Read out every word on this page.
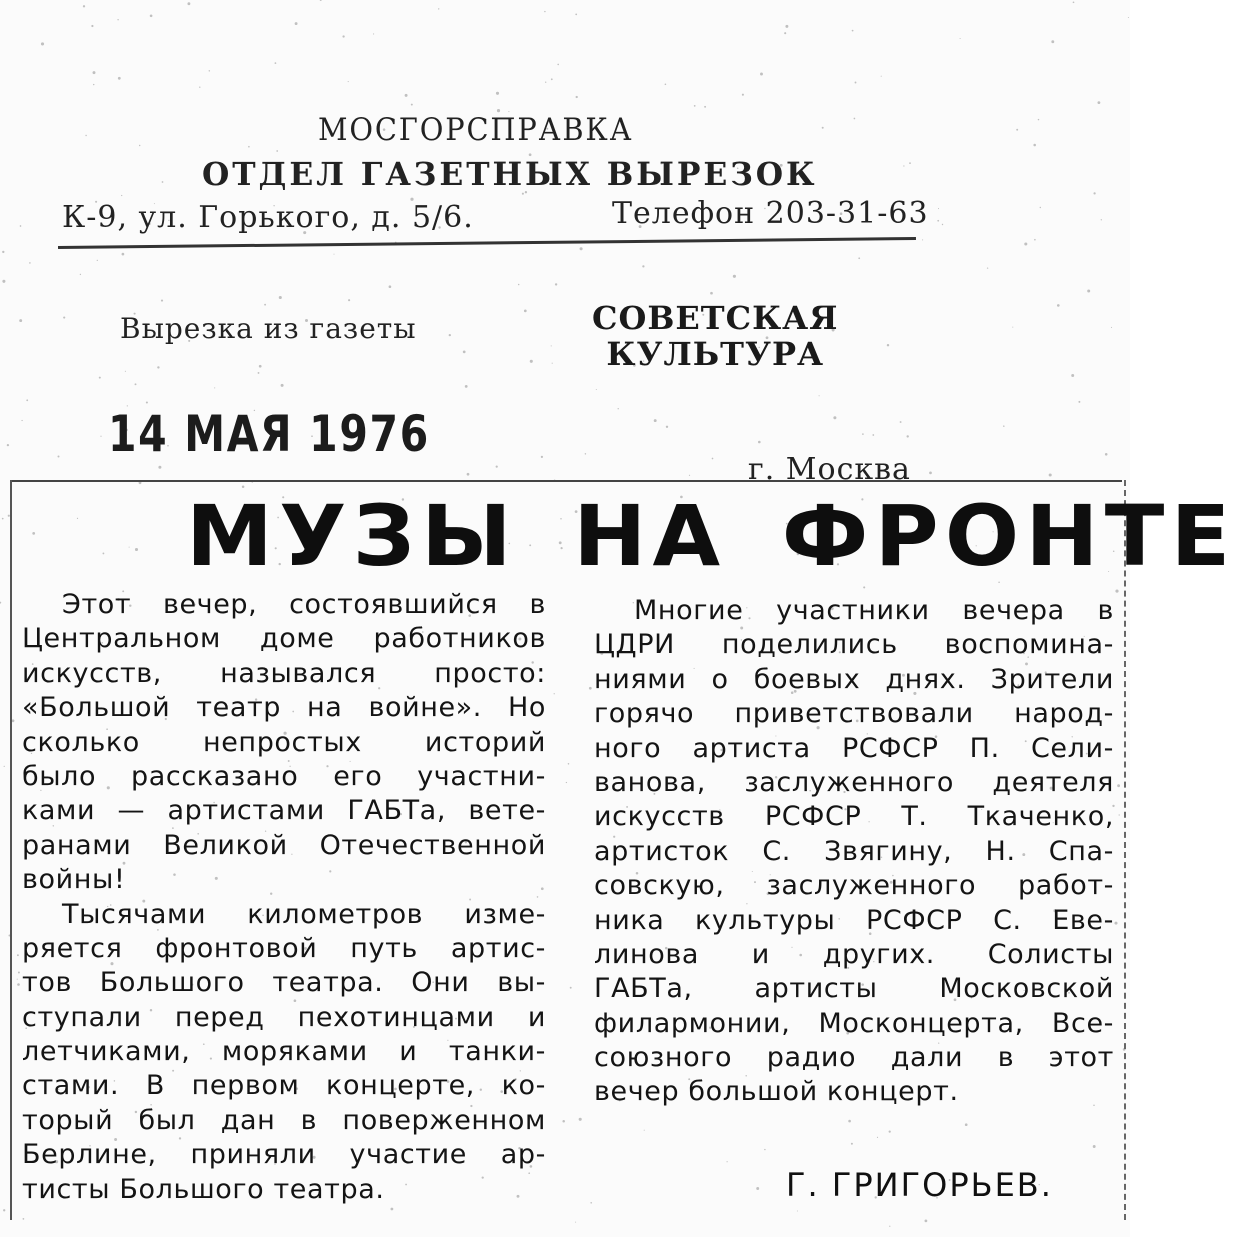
МОСГОРСПРАВКА
ОТДЕЛ ГАЗЕТНЫХ ВЫРЕЗОК
К-9, ул. Горького, д. 5/6.	Телефон 203-31-63
Вырезка из газеты	СОВЕТСКАЯ
КУЛЬТУРА
14 МАЯ 1976
г. Москва
МУЗЫ НА ФРОНТЕ
Этот вечер, состоявшийся в
Центральном доме работников
искусств, назывался просто:
«Большой театр на войне». Но
сколько непростых историй
было рассказано его участни-
ками — артистами ГАБТа, вете-
ранами Великой Отечественной
войны!
Тысячами километров изме-
ряется фронтовой путь артис-
тов Большого театра. Они вы-
ступали перед пехотинцами и
летчиками, моряками и танки-
стами. В первом концерте, ко-
торый был дан в поверженном
Берлине, приняли участие ар-
тисты Большого театра.
Многие участники вечера в
ЦДРИ поделились воспомина-
ниями о боевых днях. Зрители
горячо приветствовали народ-
ного артиста РСФСР П. Сели-
ванова, заслуженного деятеля
искусств РСФСР Т. Ткаченко,
артисток С. Звягину, Н. Спа-
совскую, заслуженного работ-
ника культуры РСФСР С. Еве-
линова и других. Солисты
ГАБТа, артисты Московской
филармонии, Москонцерта, Все-
союзного радио дали в этот
вечер большой концерт.
Г. ГРИГОРЬЕВ.
